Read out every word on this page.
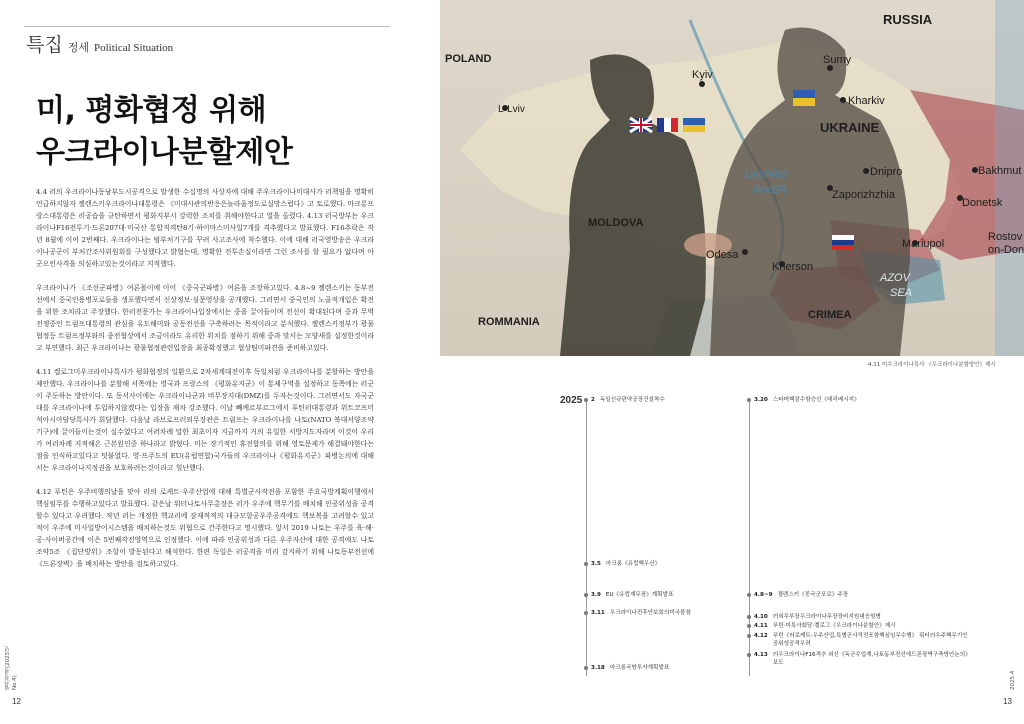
특집 정세 Political Situation
미, 평화협정 위해
우크라이나분할제안

4.4 러의 우크라이나동남부도시공격으로 발생한 수십명의 사상자에 대해 주우크라이나미대사가 러책임을 명확히 언급하지않자 젤렌스키우크라이나대통령은 《미대사관의반응은놀라울정도로실망스럽다》고 토로했다. 마크롱프랑스대통령은 러공습을 규탄하면서 평화지부시 강력한 조치를 취해야한다고 열을 올렸다. 4.13 러국방부는 우크라이나F16전투기·드론207대·미국산 통합직격탄8기·하이마스미사일7개를 격추했다고 발표했다. F16추락은 작년 8월에 이어 2번째다. 우크라이나는 범부처기구를 꾸려 사고조사에 착수했다. 이에 대해 러국영방송은 우크라이나공군이 부처간조사위원회를 구성했다고 밝혔는데, 명확한 전투손실이라면 그런 조사를 할 필요가 없다며 아군오인사격을 의심하고있는것이라고 지적했다.

우크라이나가 《조선군파병》여론몰이에 이어 《중국군파병》여론을 조장하고있다. 4.8~9 젤렌스키는 동부전선에서 중국인용병포로들을 생포했다면서 신상정보·심문영상을 공개했다. 그러면서 중국인의 노골적개입은 확전을 위한 조치라고 주장했다. 한러전문가는 우크라이나입장에서는 중을 끌어들이며 전선이 확대된다며 중과 무역전쟁중인 트럼프대통령의 관심을 유도해미와 공동전선을 구축하려는 목적이라고 분석했다. 젤렌스키정부가 광물협정등 트럼프정부와의 종전협상에서 조금이라도 유리한 위치를 점하기 위해 중과 맞서는 모양새를 설정한것이라고 부연했다. 최근 우크라이나는 광물협정관련입장을 최종확정했고 협상팀미파견을 준비하고있다.

4.11 켈로그미우크라이나특사가 평화협정의 일환으로 2차세계대전이후 독일처럼 우크라이나를 분할하는 방안을 제안했다. 우크라이나를 분할해 서쪽에는 영국과 프랑스의 《평화유지군》이 통제구역을 설정하고 동쪽에는 러군이 주둔하는 방안이다. 또 동서사이에는 우크라이나군과 비무장지대(DMZ)를 두자는것이다. 그러면서도 자국군대를 우크라이나에 투입하지않겠다는 입장을 재차 강조했다. 이날 빼께르부르그에서 푸틴러대통령과 위트코프미석아시아담당특사가 회담했다. 다음날 라브로프러외무장관은 트럼프는 우크라이나를 나토(NATO 북대서양조약기구)에 끌어들이는것이 실수였다고 여러차례 말한 최초이자 지금까지 거의 유일한 서방지도자라며 이것이 우리가 여러차례 지적해온 근본원인중 하나라고 밝혔다. 미는 장기적인 휴전합의를 위해 영토문제가 해결돼야한다는점을 인식하고있다고 덧붙였다. 영·프주도의 EU(유럽연합)국가들의 우크라이나《평화유지군》파병논의에 대해서는 우크라이나지정권을 보호하려는것이라고 힐난했다.

4.12 푸틴은 우주비행의날을 맞아 러의 로케트·우주산업에 대해 특별군사작전을 포함한 주요국방계획이행에서 핵심임무를 수행하고있다고 발표했다. 같은날 워터나토사무총장은 러가 우주에 핵무기를 배치해 인공위성을 공격할수 있다고 우려했다. 작년 러는 개정한 핵교리에 잠재적적의 대규모항공우주공격에도 핵보복을 고려할수 있고 적이 우주에 미사일방어시스템을 배치하는것도 위협으로 간주한다고 명시했다. 앞서 2019 나토는 우주를 육·해·공·사이버공간에 이은 5번째작전영역으로 인정했다. 이에 따라 인공위성과 다른 우주자산에 대한 공격에도 나토조약5조 《집단방위》조항이 발동된다고 해석한다. 한편 독일은 러공격을 미리 감지하기 위해 나토동부전선에 《드론장벽》을 배치하는 방안을 검토하고있다.

월간정세(2025년 No.4)
12
2025.4
13
RUSSIA
POLAND
Kyiv
L•Lviv
Sumy
Kharkiv
UKRAINE
Dnipro
Zaporizhzhia
DNIPRO
RIVER
Bakhmut
Donetsk
Mariupol
Rostov
on-Don
MOLDOVA
Odesa
Kherson
AZOV
SEA
CRIMEA
ROMMANIA
4.11 미우크라이나특사 《우크라이나분할방안》제시
2025 2 독일신규판약공장건설착수
3.5 마크롱《유럽핵우산》
3.9 EU《유럽재무장》계획발표
3.11 우크라이나전후안보회의미국불참
3.18 마크롱국방투자계획발표
3.20 스타머핵잠수함승선《데리베시지》
4.8~9 젤렌스키《중국군포로》주장
4.10 러외무부장우크라이나무장장비지원대응원병
4.11 푸틴·미특사회담·켈로그《우크라이나분할안》제시
4.12 푸틴《러로케트·우주산업,특별군사작전포함핵심임무수행》 뤼터러우주핵무기인공위성공격우려
4.13 러우크라이나F16격추 외신《독군수업계,나토동부전선에드론장벽구축방안논의》보도
